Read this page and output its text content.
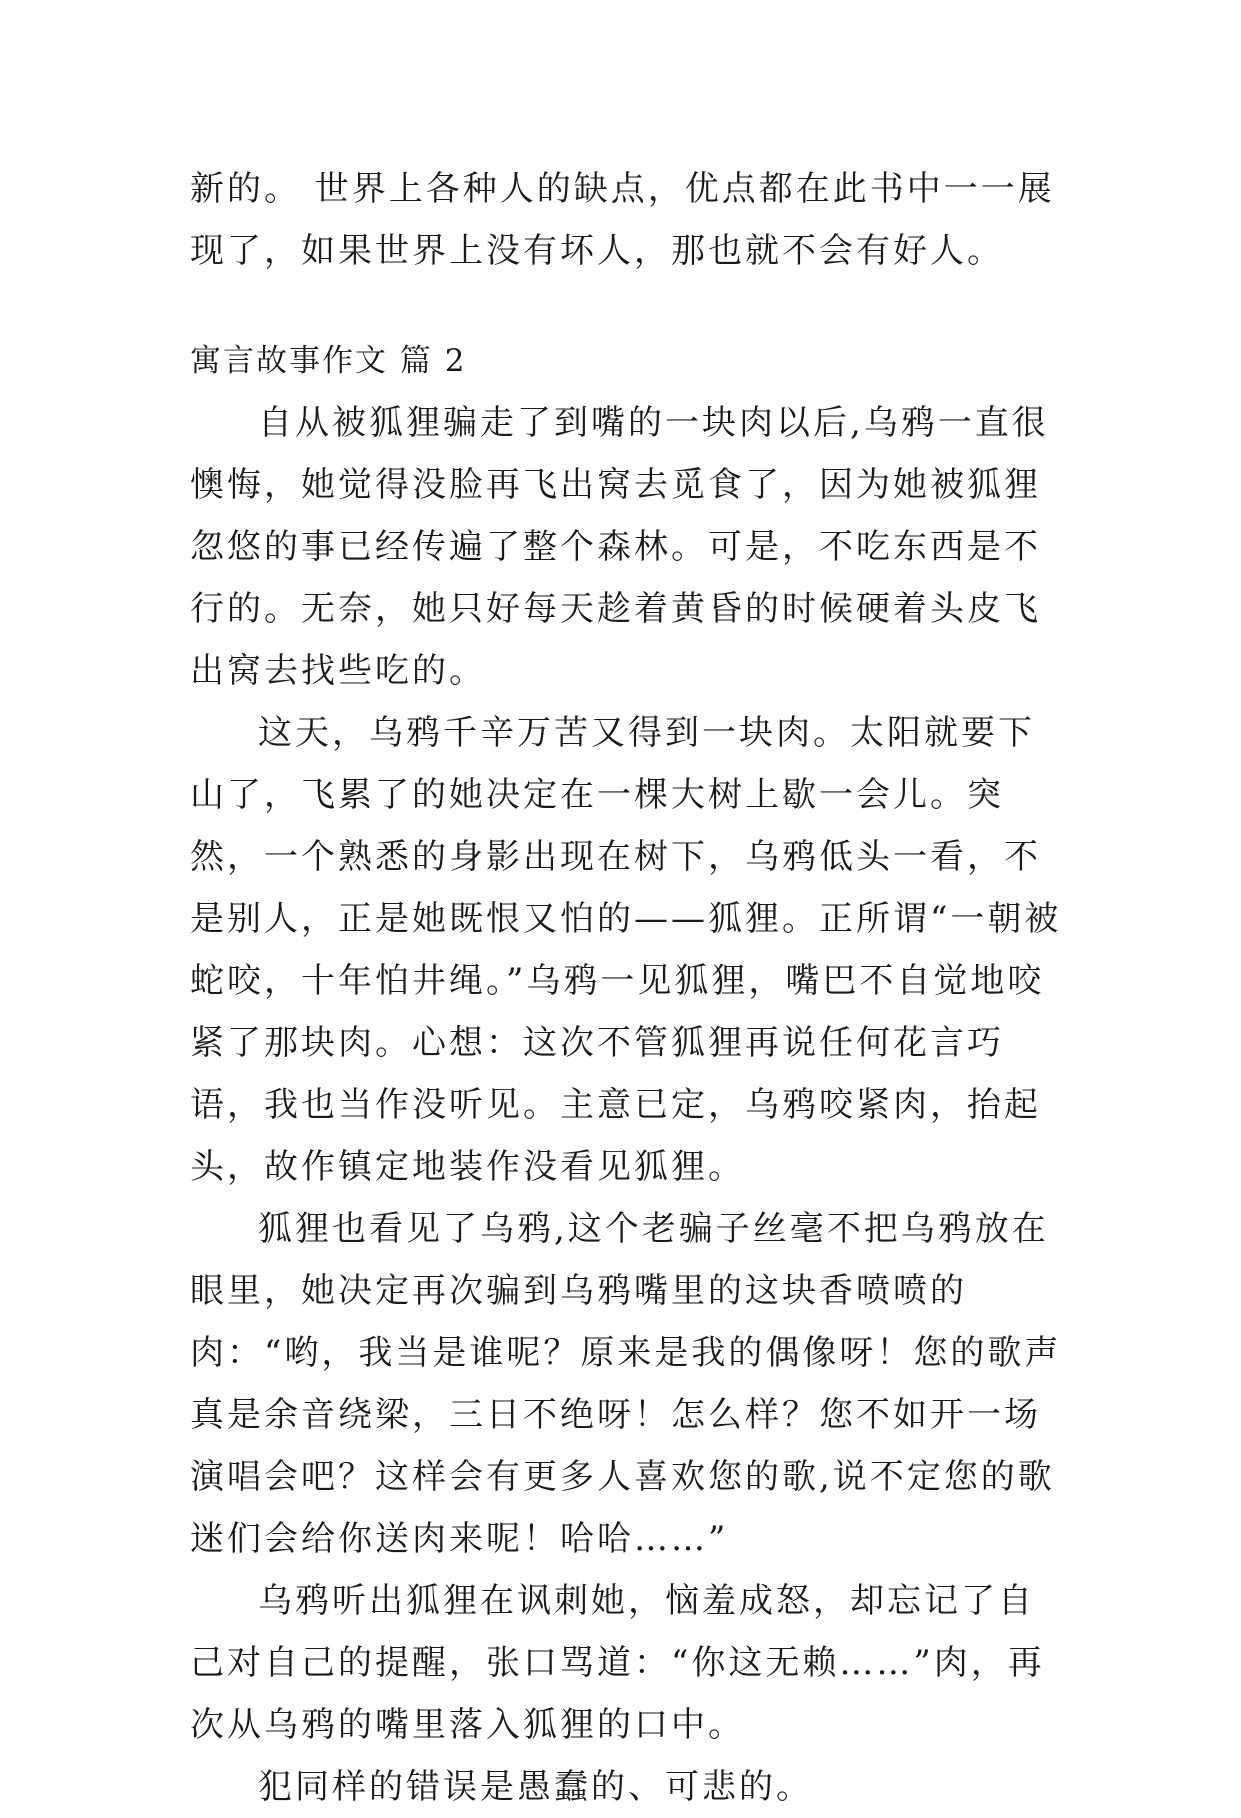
新的。 世界上各种人的缺点，优点都在此书中一一展现了，如果世界上没有坏人，那也就不会有好人。

寓言故事作文 篇 2

自从被狐狸骗走了到嘴的一块肉以后,乌鸦一直很懊悔，她觉得没脸再飞出窝去觅食了，因为她被狐狸忽悠的事已经传遍了整个森林。可是，不吃东西是不行的。无奈，她只好每天趁着黄昏的时候硬着头皮飞出窝去找些吃的。

这天，乌鸦千辛万苦又得到一块肉。太阳就要下山了，飞累了的她决定在一棵大树上歇一会儿。突然，一个熟悉的身影出现在树下，乌鸦低头一看，不是别人，正是她既恨又怕的——狐狸。正所谓“一朝被蛇咬，十年怕井绳。”乌鸦一见狐狸，嘴巴不自觉地咬紧了那块肉。心想：这次不管狐狸再说任何花言巧语，我也当作没听见。主意已定，乌鸦咬紧肉，抬起头，故作镇定地装作没看见狐狸。

狐狸也看见了乌鸦,这个老骗子丝毫不把乌鸦放在眼里，她决定再次骗到乌鸦嘴里的这块香喷喷的肉：“哟，我当是谁呢？原来是我的偶像呀！您的歌声真是余音绕梁，三日不绝呀！怎么样？您不如开一场演唱会吧？这样会有更多人喜欢您的歌,说不定您的歌迷们会给你送肉来呢！哈哈……”

乌鸦听出狐狸在讽刺她，恼羞成怒，却忘记了自己对自己的提醒，张口骂道：“你这无赖……”肉，再次从乌鸦的嘴里落入狐狸的口中。

犯同样的错误是愚蠢的、可悲的。
